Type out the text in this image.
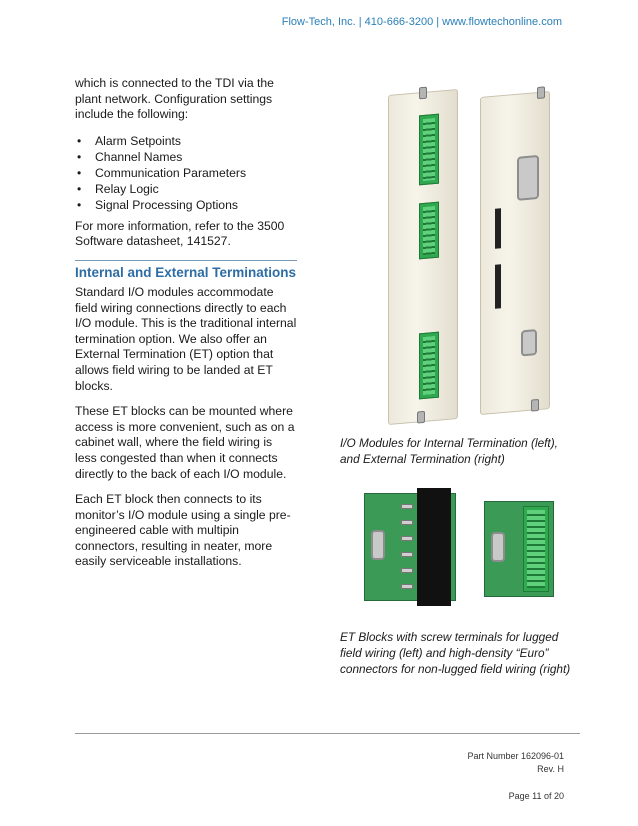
Flow-Tech, Inc. | 410-666-3200 | www.flowtechonline.com

which is connected to the TDI via the plant network. Configuration settings include the following:

• Alarm Setpoints
• Channel Names
• Communication Parameters
• Relay Logic
• Signal Processing Options

For more information, refer to the 3500 Software datasheet, 141527.

Internal and External Terminations

Standard I/O modules accommodate field wiring connections directly to each I/O module. This is the traditional internal termination option. We also offer an External Termination (ET) option that allows field wiring to be landed at ET blocks.

These ET blocks can be mounted where access is more convenient, such as on a cabinet wall, where the field wiring is less congested than when it connects directly to the back of each I/O module.

Each ET block then connects to its monitor’s I/O module using a single pre-engineered cable with multipin connectors, resulting in neater, more easily serviceable installations.

I/O Modules for Internal Termination (left), and External Termination (right)

ET Blocks with screw terminals for lugged field wiring (left) and high-density “Euro” connectors for non-lugged field wiring (right)

Part Number 162096-01
Rev. H
Page 11 of 20
